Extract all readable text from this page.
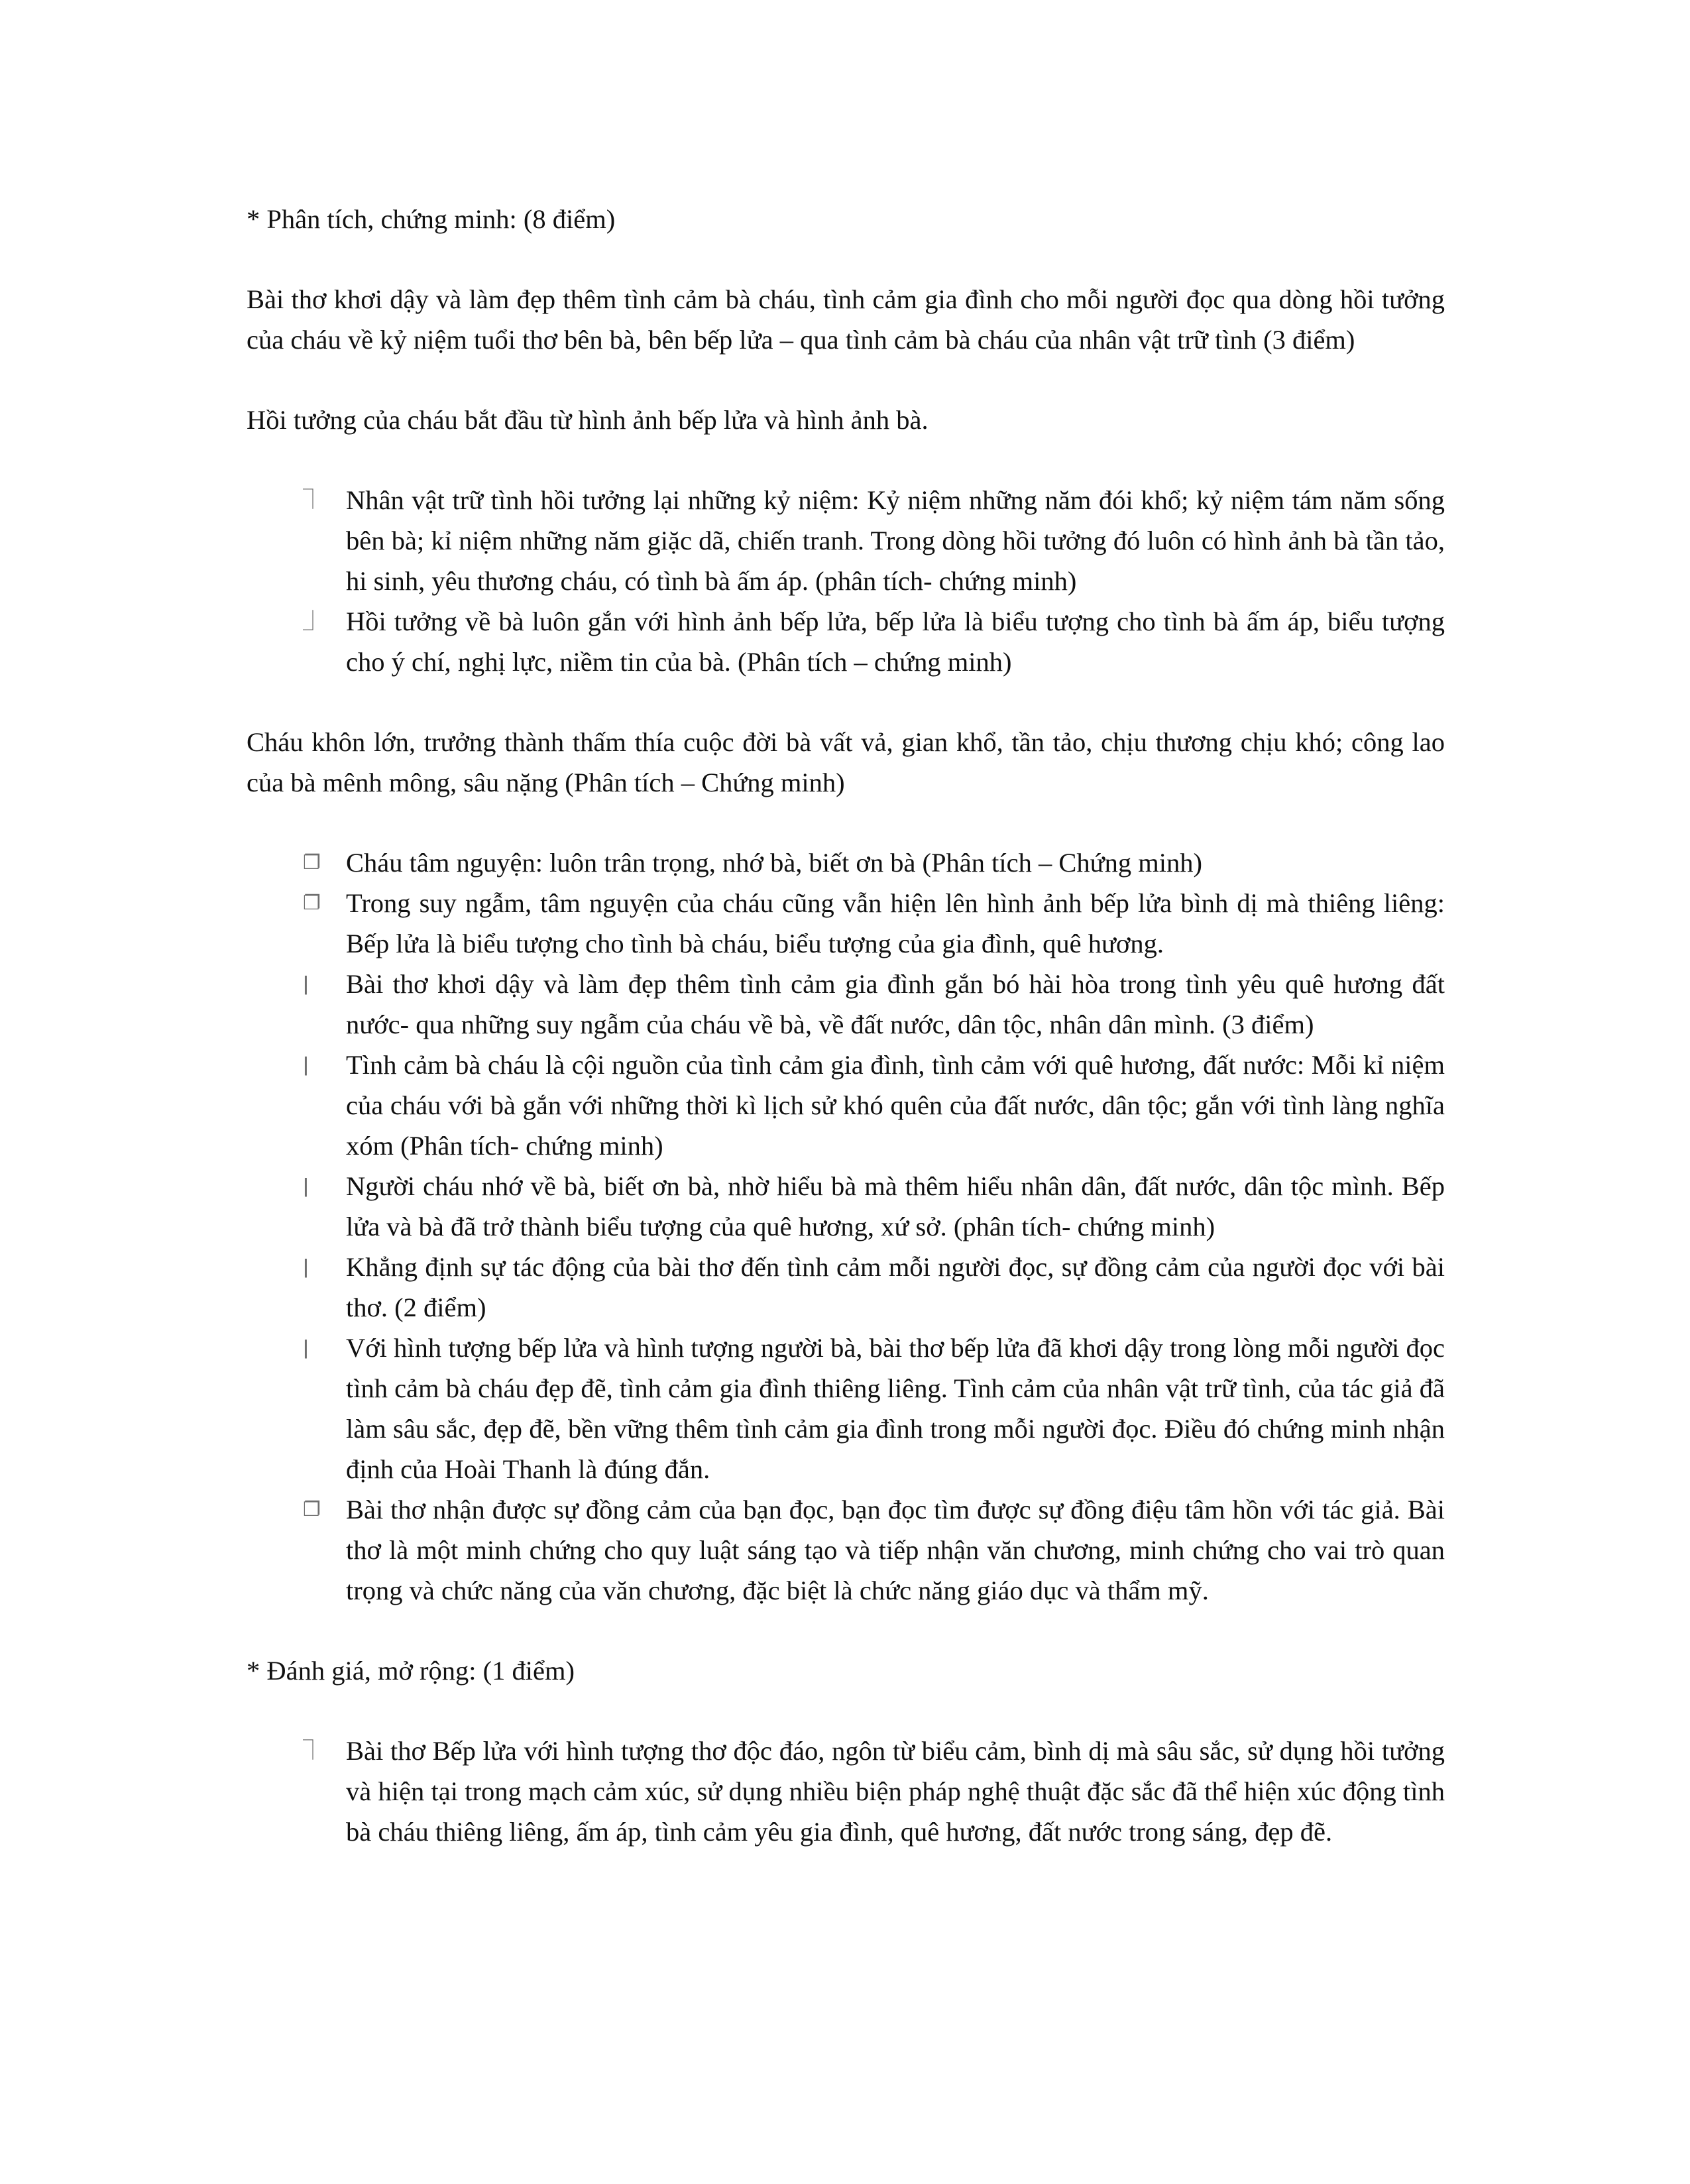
* Phân tích, chứng minh: (8 điểm)

Bài thơ khơi dậy và làm đẹp thêm tình cảm bà cháu, tình cảm gia đình cho mỗi người đọc qua dòng hồi tưởng của cháu về kỷ niệm tuổi thơ bên bà, bên bếp lửa – qua tình cảm bà cháu của nhân vật trữ tình (3 điểm)

Hồi tưởng của cháu bắt đầu từ hình ảnh bếp lửa và hình ảnh bà.

⏋ Nhân vật trữ tình hồi tưởng lại những kỷ niệm: Kỷ niệm những năm đói khổ; kỷ niệm tám năm sống bên bà; kỉ niệm những năm giặc dã, chiến tranh. Trong dòng hồi tưởng đó luôn có hình ảnh bà tần tảo, hi sinh, yêu thương cháu, có tình bà ấm áp. (phân tích- chứng minh)

⏌ Hồi tưởng về bà luôn gắn với hình ảnh bếp lửa, bếp lửa là biểu tượng cho tình bà ấm áp, biểu tượng cho ý chí, nghị lực, niềm tin của bà. (Phân tích – chứng minh)

Cháu khôn lớn, trưởng thành thấm thía cuộc đời bà vất vả, gian khổ, tần tảo, chịu thương chịu khó; công lao của bà mênh mông, sâu nặng (Phân tích – Chứng minh)

❐ Cháu tâm nguyện: luôn trân trọng, nhớ bà, biết ơn bà (Phân tích – Chứng minh)

❐ Trong suy ngẫm, tâm nguyện của cháu cũng vẫn hiện lên hình ảnh bếp lửa bình dị mà thiêng liêng: Bếp lửa là biểu tượng cho tình bà cháu, biểu tượng của gia đình, quê hương.

ǀ	Bài thơ khơi dậy và làm đẹp thêm tình cảm gia đình gắn bó hài hòa trong tình yêu quê hương đất nước- qua những suy ngẫm của cháu về bà, về đất nước, dân tộc, nhân dân mình. (3 điểm)

ǀ	Tình cảm bà cháu là cội nguồn của tình cảm gia đình, tình cảm với quê hương, đất nước: Mỗi kỉ niệm của cháu với bà gắn với những thời kì lịch sử khó quên của đất nước, dân tộc; gắn với tình làng nghĩa xóm (Phân tích- chứng minh)

ǀ	Người cháu nhớ về bà, biết ơn bà, nhờ hiểu bà mà thêm hiểu nhân dân, đất nước, dân tộc mình. Bếp lửa và bà đã trở thành biểu tượng của quê hương, xứ sở. (phân tích- chứng minh)

ǀ	Khẳng định sự tác động của bài thơ đến tình cảm mỗi người đọc, sự đồng cảm của người đọc với bài thơ. (2 điểm)

ǀ	Với hình tượng bếp lửa và hình tượng người bà, bài thơ bếp lửa đã khơi dậy trong lòng mỗi người đọc tình cảm bà cháu đẹp đẽ, tình cảm gia đình thiêng liêng. Tình cảm của nhân vật trữ tình, của tác giả đã làm sâu sắc, đẹp đẽ, bền vững thêm tình cảm gia đình trong mỗi người đọc. Điều đó chứng minh nhận định của Hoài Thanh là đúng đắn.

❐ Bài thơ nhận được sự đồng cảm của bạn đọc, bạn đọc tìm được sự đồng điệu tâm hồn với tác giả. Bài thơ là một minh chứng cho quy luật sáng tạo và tiếp nhận văn chương, minh chứng cho vai trò quan trọng và chức năng của văn chương, đặc biệt là chức năng giáo dục và thẩm mỹ.

* Đánh giá, mở rộng: (1 điểm)

⏋ Bài thơ Bếp lửa với hình tượng thơ độc đáo, ngôn từ biểu cảm, bình dị mà sâu sắc, sử dụng hồi tưởng và hiện tại trong mạch cảm xúc, sử dụng nhiều biện pháp nghệ thuật đặc sắc đã thể hiện xúc động tình bà cháu thiêng liêng, ấm áp, tình cảm yêu gia đình, quê hương, đất nước trong sáng, đẹp đẽ.
